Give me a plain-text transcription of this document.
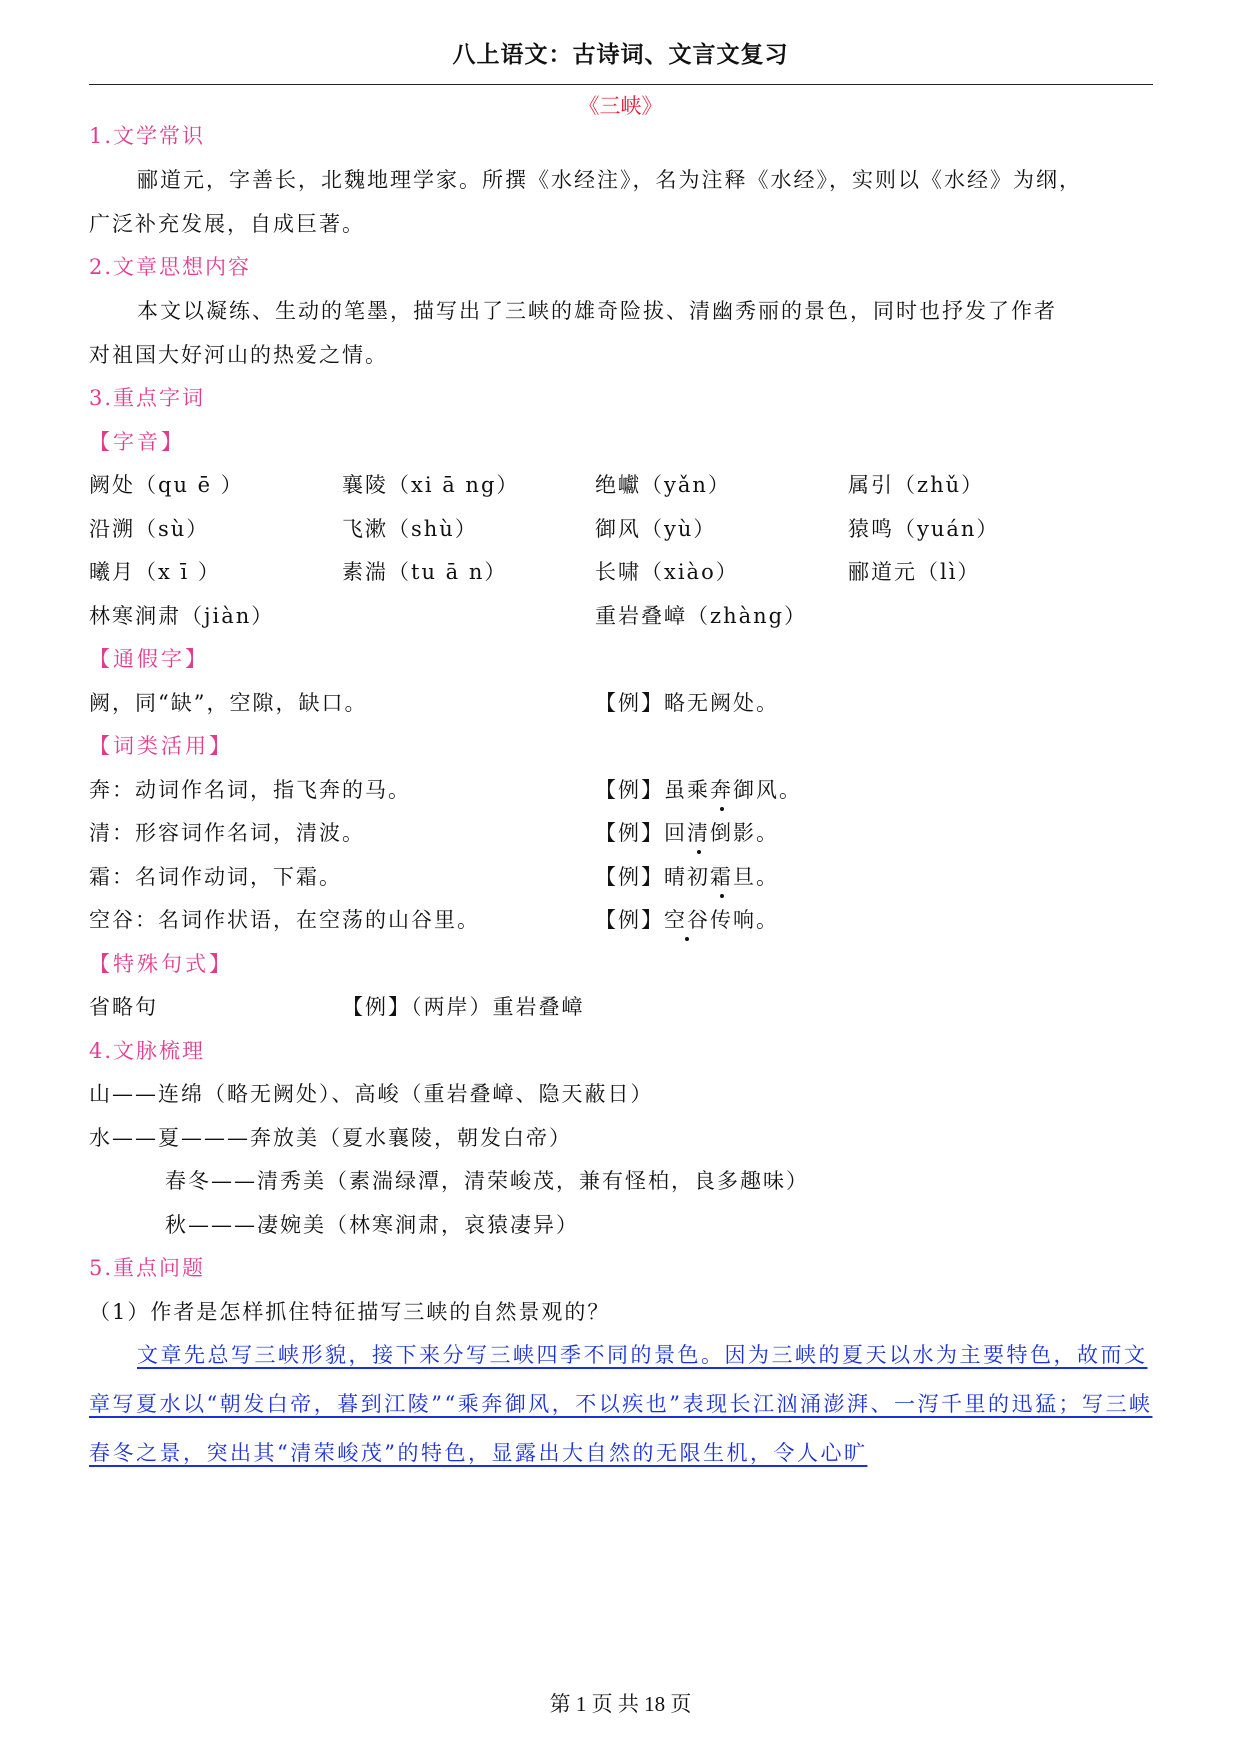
八上语文：古诗词、文言文复习
《三峡》
1.文学常识
郦道元，字善长，北魏地理学家。所撰《水经注》，名为注释《水经》，实则以《水经》为纲，
广泛补充发展，自成巨著。
2.文章思想内容
本文以凝练、生动的笔墨，描写出了三峡的雄奇险拔、清幽秀丽的景色，同时也抒发了作者
对祖国大好河山的热爱之情。
3.重点字词
【字音】
阙处（qu ē ）	襄陵（xi ā ng）	绝巘（yǎn）	属引（zhǔ）
沿溯（sù）	飞漱（shù）	御风（yù）	猿鸣（yuán）
曦月（x ī ）	素湍（tu ā n）	长啸（xiào）	郦道元（lì）
林寒涧肃（jiàn）	重岩叠嶂（zhàng）
【通假字】
阙，同“缺”，空隙，缺口。	【例】略无阙处。
【词类活用】
奔：动词作名词，指飞奔的马。	【例】虽乘奔御风。
清：形容词作名词，清波。	【例】回清倒影。
霜：名词作动词，下霜。	【例】晴初霜旦。
空谷：名词作状语，在空荡的山谷里。	【例】空谷传响。
【特殊句式】
省略句	【例】（两岸）重岩叠嶂
4.文脉梳理
山——连绵（略无阙处）、高峻（重岩叠嶂、隐天蔽日）
水——夏———奔放美（夏水襄陵，朝发白帝）
春冬——清秀美（素湍绿潭，清荣峻茂，兼有怪柏，良多趣味）
秋———凄婉美（林寒涧肃，哀猿凄异）
5.重点问题
（1）作者是怎样抓住特征描写三峡的自然景观的？
文章先总写三峡形貌，接下来分写三峡四季不同的景色。因为三峡的夏天以水为主要特色，故而文章写夏水以“朝发白帝，暮到江陵”“乘奔御风，不以疾也”表现长江汹涌澎湃、一泻千里的迅猛；写三峡春冬之景，突出其“清荣峻茂”的特色，显露出大自然的无限生机，令人心旷
第 1 页 共 18 页
